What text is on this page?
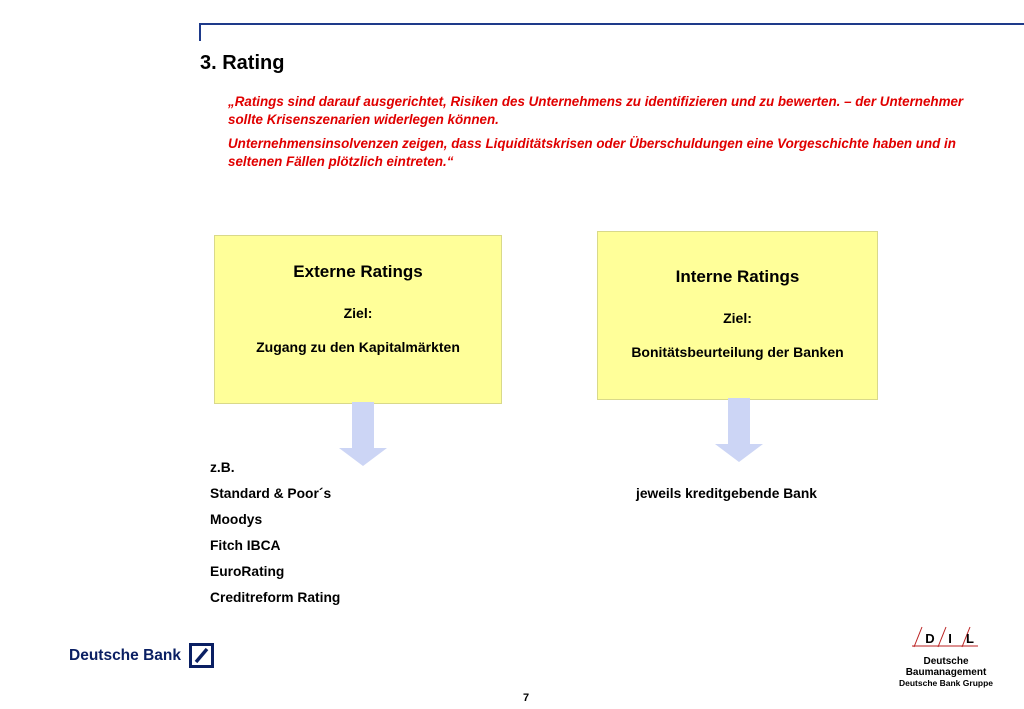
3. Rating
„Ratings sind darauf ausgerichtet, Risiken des Unternehmens zu identifizieren und zu bewerten. – der Unternehmer sollte Krisenszenarien widerlegen können.
Unternehmensinsolvenzen zeigen, dass Liquiditätskrisen oder Überschuldungen eine Vorgeschichte haben und in seltenen Fällen plötzlich eintreten.“
Externe Ratings
Ziel:
Zugang zu den Kapitalmärkten
Interne Ratings
Ziel:
Bonitätsbeurteilung der Banken
z.B.
Standard & Poor´s
Moodys
Fitch IBCA
EuroRating
Creditreform Rating
jeweils kreditgebende Bank
Deutsche Bank
D I L
Deutsche Baumanagement
Deutsche Bank Gruppe
7
